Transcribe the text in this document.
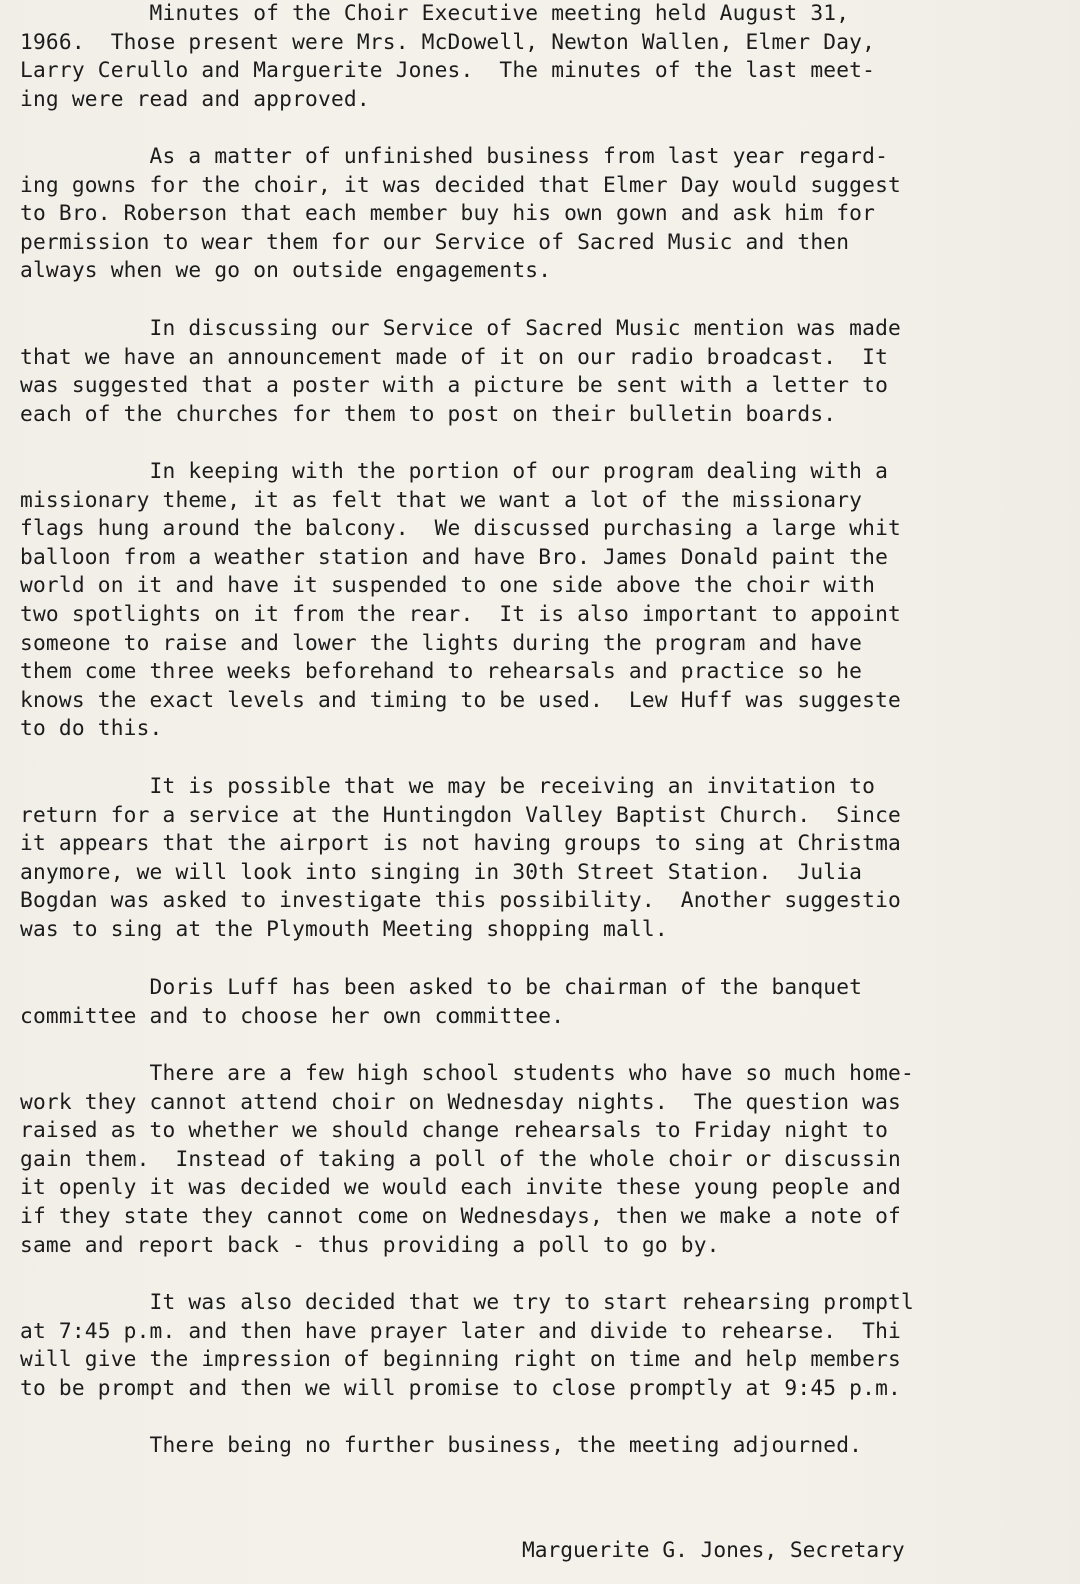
Minutes of the Choir Executive meeting held August 31,
1966.  Those present were Mrs. McDowell, Newton Wallen, Elmer Day,
Larry Cerullo and Marguerite Jones.  The minutes of the last meet-
ing were read and approved.

As a matter of unfinished business from last year regard-
ing gowns for the choir, it was decided that Elmer Day would suggest
to Bro. Roberson that each member buy his own gown and ask him for
permission to wear them for our Service of Sacred Music and then
always when we go on outside engagements.

In discussing our Service of Sacred Music mention was made
that we have an announcement made of it on our radio broadcast.  It
was suggested that a poster with a picture be sent with a letter to
each of the churches for them to post on their bulletin boards.

In keeping with the portion of our program dealing with a
missionary theme, it as felt that we want a lot of the missionary
flags hung around the balcony.  We discussed purchasing a large whit
balloon from a weather station and have Bro. James Donald paint the
world on it and have it suspended to one side above the choir with
two spotlights on it from the rear.  It is also important to appoint
someone to raise and lower the lights during the program and have
them come three weeks beforehand to rehearsals and practice so he
knows the exact levels and timing to be used.  Lew Huff was suggeste
to do this.

It is possible that we may be receiving an invitation to
return for a service at the Huntingdon Valley Baptist Church.  Since
it appears that the airport is not having groups to sing at Christma
anymore, we will look into singing in 30th Street Station.  Julia
Bogdan was asked to investigate this possibility.  Another suggestio
was to sing at the Plymouth Meeting shopping mall.

Doris Luff has been asked to be chairman of the banquet
committee and to choose her own committee.

There are a few high school students who have so much home-
work they cannot attend choir on Wednesday nights.  The question was
raised as to whether we should change rehearsals to Friday night to
gain them.  Instead of taking a poll of the whole choir or discussin
it openly it was decided we would each invite these young people and
if they state they cannot come on Wednesdays, then we make a note of
same and report back - thus providing a poll to go by.

It was also decided that we try to start rehearsing promptl
at 7:45 p.m. and then have prayer later and divide to rehearse.  Thi
will give the impression of beginning right on time and help members
to be prompt and then we will promise to close promptly at 9:45 p.m.

There being no further business, the meeting adjourned.

Marguerite G. Jones, Secretary
